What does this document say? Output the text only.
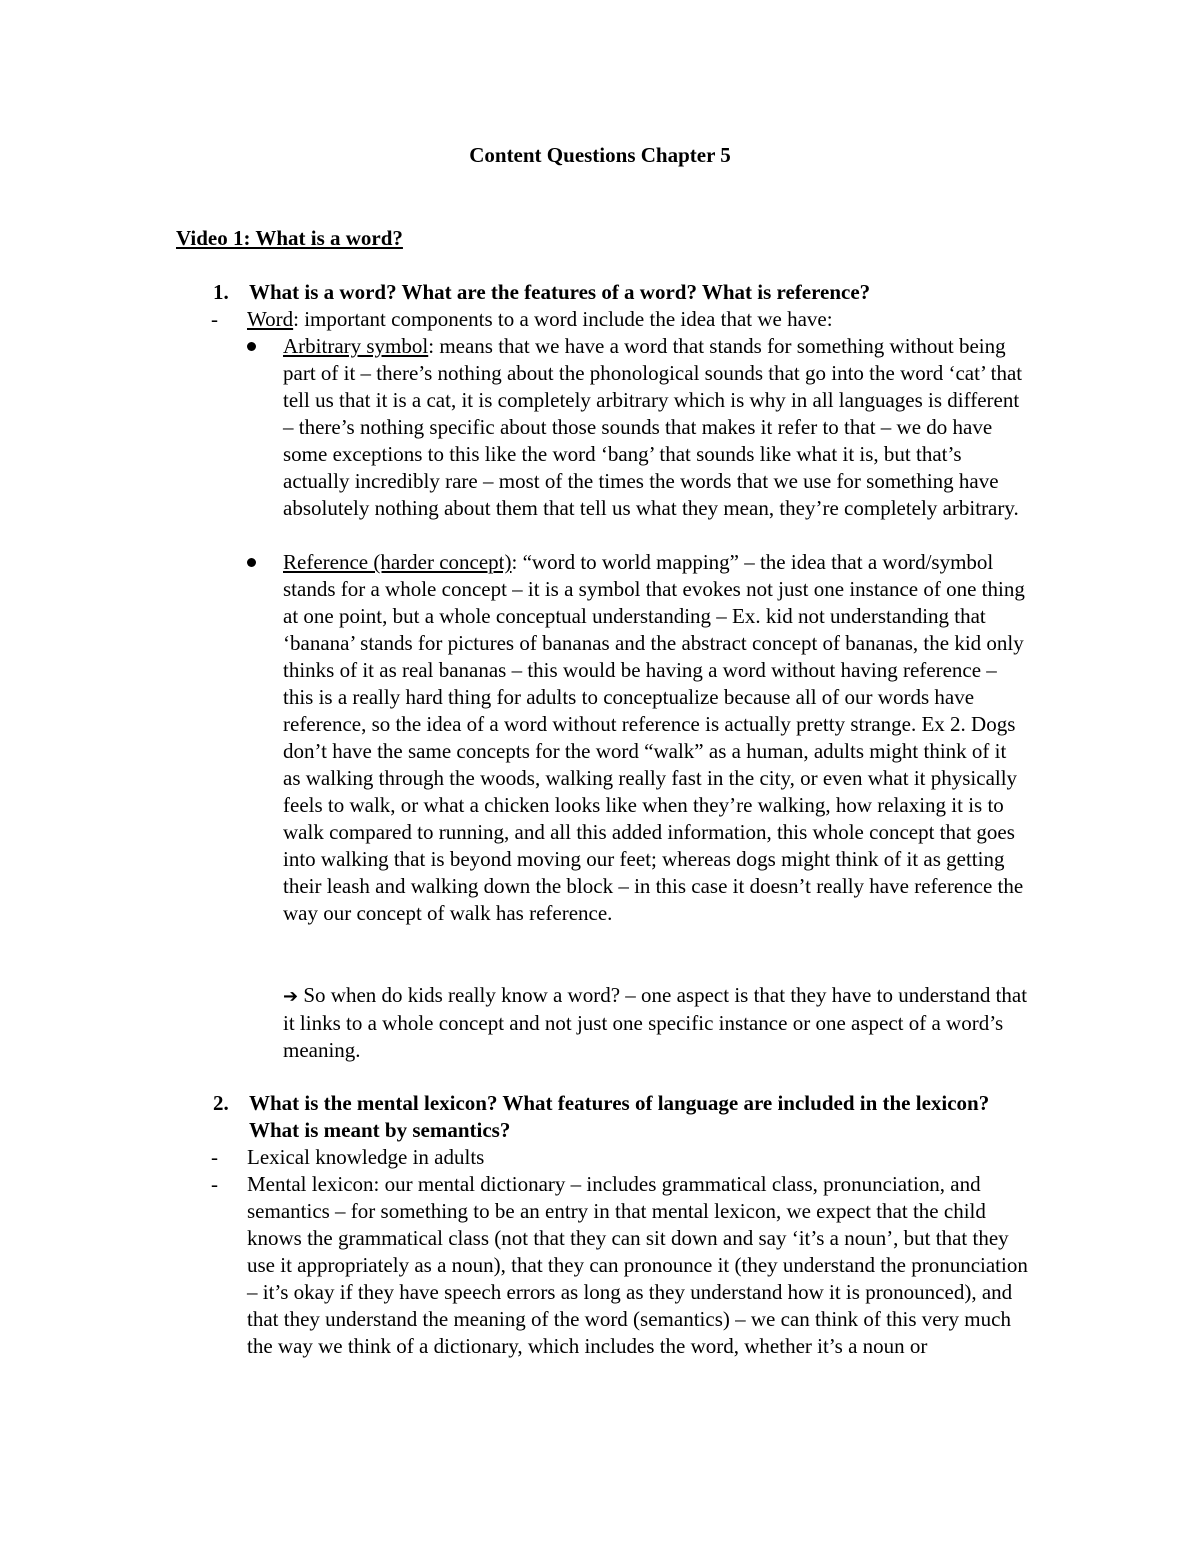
Content Questions Chapter 5
Video 1: What is a word?
1. What is a word? What are the features of a word? What is reference?
- Word: important components to a word include the idea that we have:
Arbitrary symbol: means that we have a word that stands for something without being part of it – there’s nothing about the phonological sounds that go into the word ‘cat’ that tell us that it is a cat, it is completely arbitrary which is why in all languages is different – there’s nothing specific about those sounds that makes it refer to that – we do have some exceptions to this like the word ‘bang’ that sounds like what it is, but that’s actually incredibly rare – most of the times the words that we use for something have absolutely nothing about them that tell us what they mean, they’re completely arbitrary.
Reference (harder concept): “word to world mapping” – the idea that a word/symbol stands for a whole concept – it is a symbol that evokes not just one instance of one thing at one point, but a whole conceptual understanding – Ex. kid not understanding that ‘banana’ stands for pictures of bananas and the abstract concept of bananas, the kid only thinks of it as real bananas – this would be having a word without having reference – this is a really hard thing for adults to conceptualize because all of our words have reference, so the idea of a word without reference is actually pretty strange. Ex 2. Dogs don’t have the same concepts for the word “walk” as a human, adults might think of it as walking through the woods, walking really fast in the city, or even what it physically feels to walk, or what a chicken looks like when they’re walking, how relaxing it is to walk compared to running, and all this added information, this whole concept that goes into walking that is beyond moving our feet; whereas dogs might think of it as getting their leash and walking down the block – in this case it doesn’t really have reference the way our concept of walk has reference.
➔ So when do kids really know a word? – one aspect is that they have to understand that it links to a whole concept and not just one specific instance or one aspect of a word’s meaning.
2. What is the mental lexicon? What features of language are included in the lexicon? What is meant by semantics?
- Lexical knowledge in adults
- Mental lexicon: our mental dictionary – includes grammatical class, pronunciation, and semantics – for something to be an entry in that mental lexicon, we expect that the child knows the grammatical class (not that they can sit down and say ‘it’s a noun’, but that they use it appropriately as a noun), that they can pronounce it (they understand the pronunciation – it’s okay if they have speech errors as long as they understand how it is pronounced), and that they understand the meaning of the word (semantics) – we can think of this very much the way we think of a dictionary, which includes the word, whether it’s a noun or
